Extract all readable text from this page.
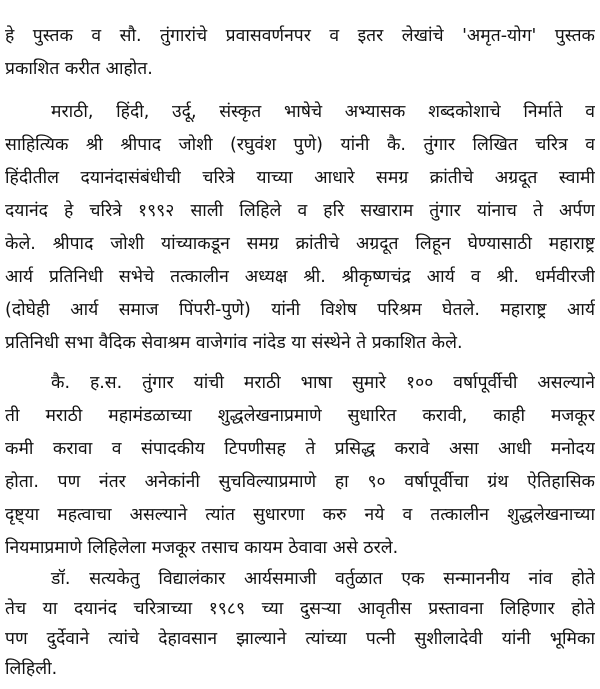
हे पुस्तक व सौ. तुंगारांचे प्रवासवर्णनपर व इतर लेखांचे 'अमृत-योग' पुस्तक
प्रकाशित करीत आहोत.
मराठी, हिंदी, उर्दू, संस्कृत भाषेचे अभ्यासक शब्दकोशाचे निर्माते व
साहित्यिक श्री श्रीपाद जोशी (रघुवंश पुणे) यांनी कै. तुंगार लिखित चरित्र व
हिंदीतील दयानंदासंबंधीची चरित्रे याच्या आधारे समग्र क्रांतीचे अग्रदूत स्वामी
दयानंद हे चरित्रे १९९२ साली लिहिले व हरि सखाराम तुंगार यांनाच ते अर्पण
केले. श्रीपाद जोशी यांच्याकडून समग्र क्रांतीचे अग्रदूत लिहून घेण्यासाठी महाराष्ट्र
आर्य प्रतिनिधी सभेचे तत्कालीन अध्यक्ष श्री. श्रीकृष्णचंद्र आर्य व श्री. धर्मवीरजी
(दोघेही आर्य समाज पिंपरी-पुणे) यांनी विशेष परिश्रम घेतले. महाराष्ट्र आर्य
प्रतिनिधी सभा वैदिक सेवाश्रम वाजेगांव नांदेड या संस्थेने ते प्रकाशित केले.
कै. ह.स. तुंगार यांची मराठी भाषा सुमारे १०० वर्षापूर्वीची असल्याने
ती मराठी महामंडळाच्या शुद्धलेखनाप्रमाणे सुधारित करावी, काही मजकूर
कमी करावा व संपादकीय टिपणीसह ते प्रसिद्ध करावे असा आधी मनोदय
होता. पण नंतर अनेकांनी सुचविल्याप्रमाणे हा ९० वर्षापूर्वीचा ग्रंथ ऐतिहासिक
दृष्ट्या महत्वाचा असल्याने त्यांत सुधारणा करु नये व तत्कालीन शुद्धलेखनाच्या
नियमाप्रमाणे लिहिलेला मजकूर तसाच कायम ठेवावा असे ठरले.
डॉ. सत्यकेतु विद्यालंकार आर्यसमाजी वर्तुळात एक सन्माननीय नांव होते
तेच या दयानंद चरित्राच्या १९८९ च्या दुसऱ्या आवृतीस प्रस्तावना लिहिणार होते
पण दुर्देवाने त्यांचे देहावसान झाल्याने त्यांच्या पत्नी सुशीलादेवी यांनी भूमिका
लिहिली.
